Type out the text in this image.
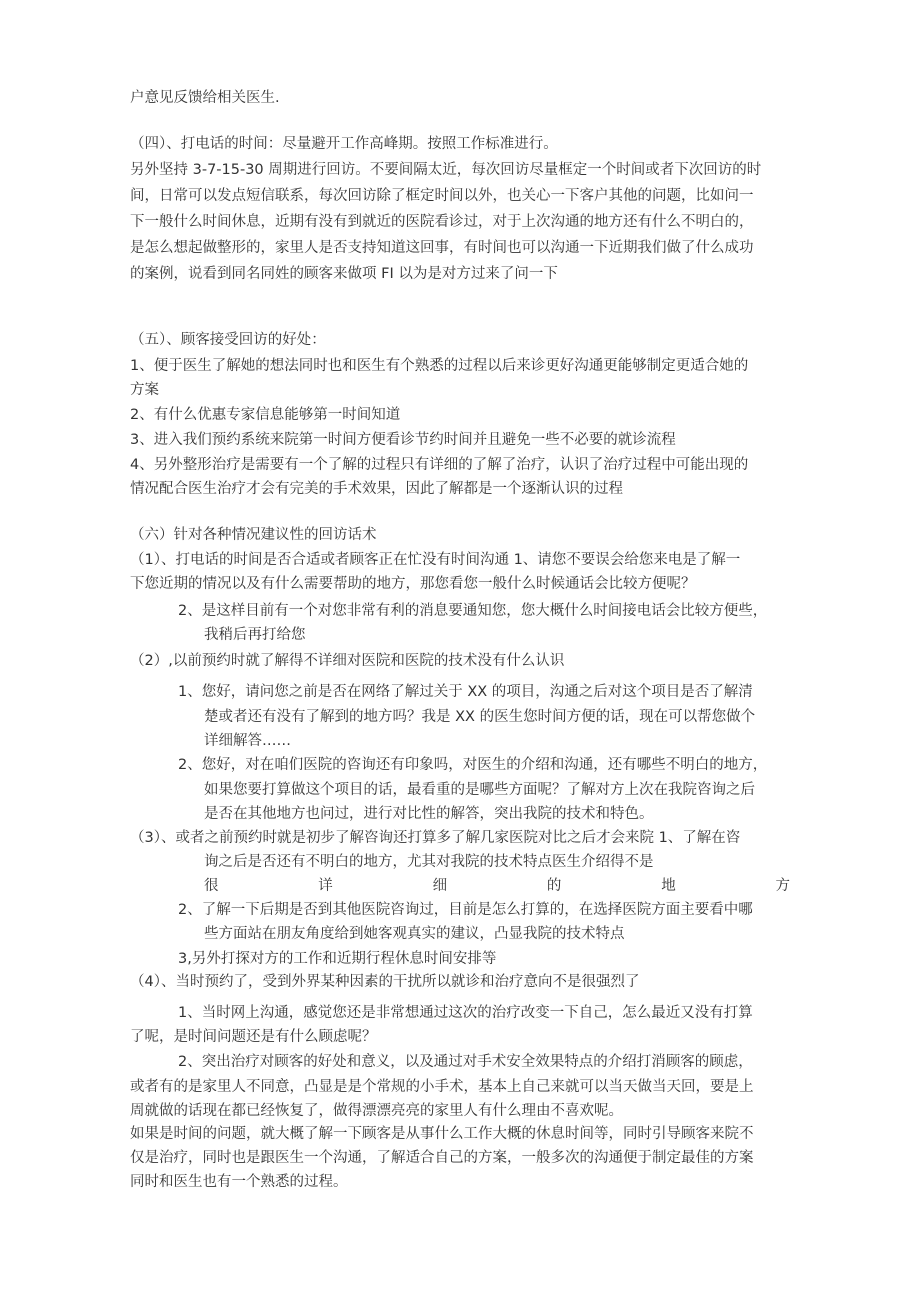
户意见反馈给相关医生.
（四）、打电话的时间：尽量避开工作高峰期。按照工作标准进行。
另外坚持 3-7-15-30 周期进行回访。不要间隔太近，每次回访尽量框定一个时间或者下次回访的时
间，日常可以发点短信联系，每次回访除了框定时间以外，也关心一下客户其他的问题，比如问一
下一般什么时间休息，近期有没有到就近的医院看诊过，对于上次沟通的地方还有什么不明白的，
是怎么想起做整形的，家里人是否支持知道这回事，有时间也可以沟通一下近期我们做了什么成功
的案例，说看到同名同姓的顾客来做项 FI 以为是对方过来了问一下
（五）、顾客接受回访的好处：
1、便于医生了解她的想法同时也和医生有个熟悉的过程以后来诊更好沟通更能够制定更适合她的
方案
2、有什么优惠专家信息能够第一时间知道
3、进入我们预约系统来院第一时间方便看诊节约时间并且避免一些不必要的就诊流程
4、另外整形治疗是需要有一个了解的过程只有详细的了解了治疗，认识了治疗过程中可能出现的
情况配合医生治疗才会有完美的手术效果，因此了解都是一个逐渐认识的过程
（六）针对各种情况建议性的回访话术
（1）、打电话的时间是否合适或者顾客正在忙没有时间沟通 1、请您不要误会给您来电是了解一
下您近期的情况以及有什么需要帮助的地方，那您看您一般什么时候通话会比较方便呢？
2、是这样目前有一个对您非常有利的消息要通知您，您大概什么时间接电话会比较方便些，
我稍后再打给您
（2）,以前预约时就了解得不详细对医院和医院的技术没有什么认识
1、您好，请问您之前是否在网络了解过关于 XX 的项目，沟通之后对这个项目是否了解清
楚或者还有没有了解到的地方吗？我是 XX 的医生您时间方便的话，现在可以帮您做个
详细解答……
2、您好，对在咱们医院的咨询还有印象吗，对医生的介绍和沟通，还有哪些不明白的地方，
如果您要打算做这个项目的话，最看重的是哪些方面呢？了解对方上次在我院咨询之后
是否在其他地方也问过，进行对比性的解答，突出我院的技术和特色。
（3）、或者之前预约时就是初步了解咨询还打算多了解几家医院对比之后才会来院 1、了解在咨
询之后是否还有不明白的地方，尤其对我院的技术特点医生介绍得不是
很	详	细	的	地	方
2、了解一下后期是否到其他医院咨询过，目前是怎么打算的，在选择医院方面主要看中哪
些方面站在朋友角度给到她客观真实的建议，凸显我院的技术特点
3,另外打探对方的工作和近期行程休息时间安排等
（4）、当时预约了，受到外界某种因素的干扰所以就诊和治疗意向不是很强烈了
1、当时网上沟通，感觉您还是非常想通过这次的治疗改变一下自己，怎么最近又没有打算
了呢，是时间问题还是有什么顾虑呢？
2、突出治疗对顾客的好处和意义，以及通过对手术安全效果特点的介绍打消顾客的顾虑，
或者有的是家里人不同意，凸显是是个常规的小手术，基本上自己来就可以当天做当天回，要是上
周就做的话现在都已经恢复了，做得漂漂亮亮的家里人有什么理由不喜欢呢。
如果是时间的问题，就大概了解一下顾客是从事什么工作大概的休息时间等，同时引导顾客来院不
仅是治疗，同时也是跟医生一个沟通，了解适合自己的方案，一般多次的沟通便于制定最佳的方案
同时和医生也有一个熟悉的过程。
